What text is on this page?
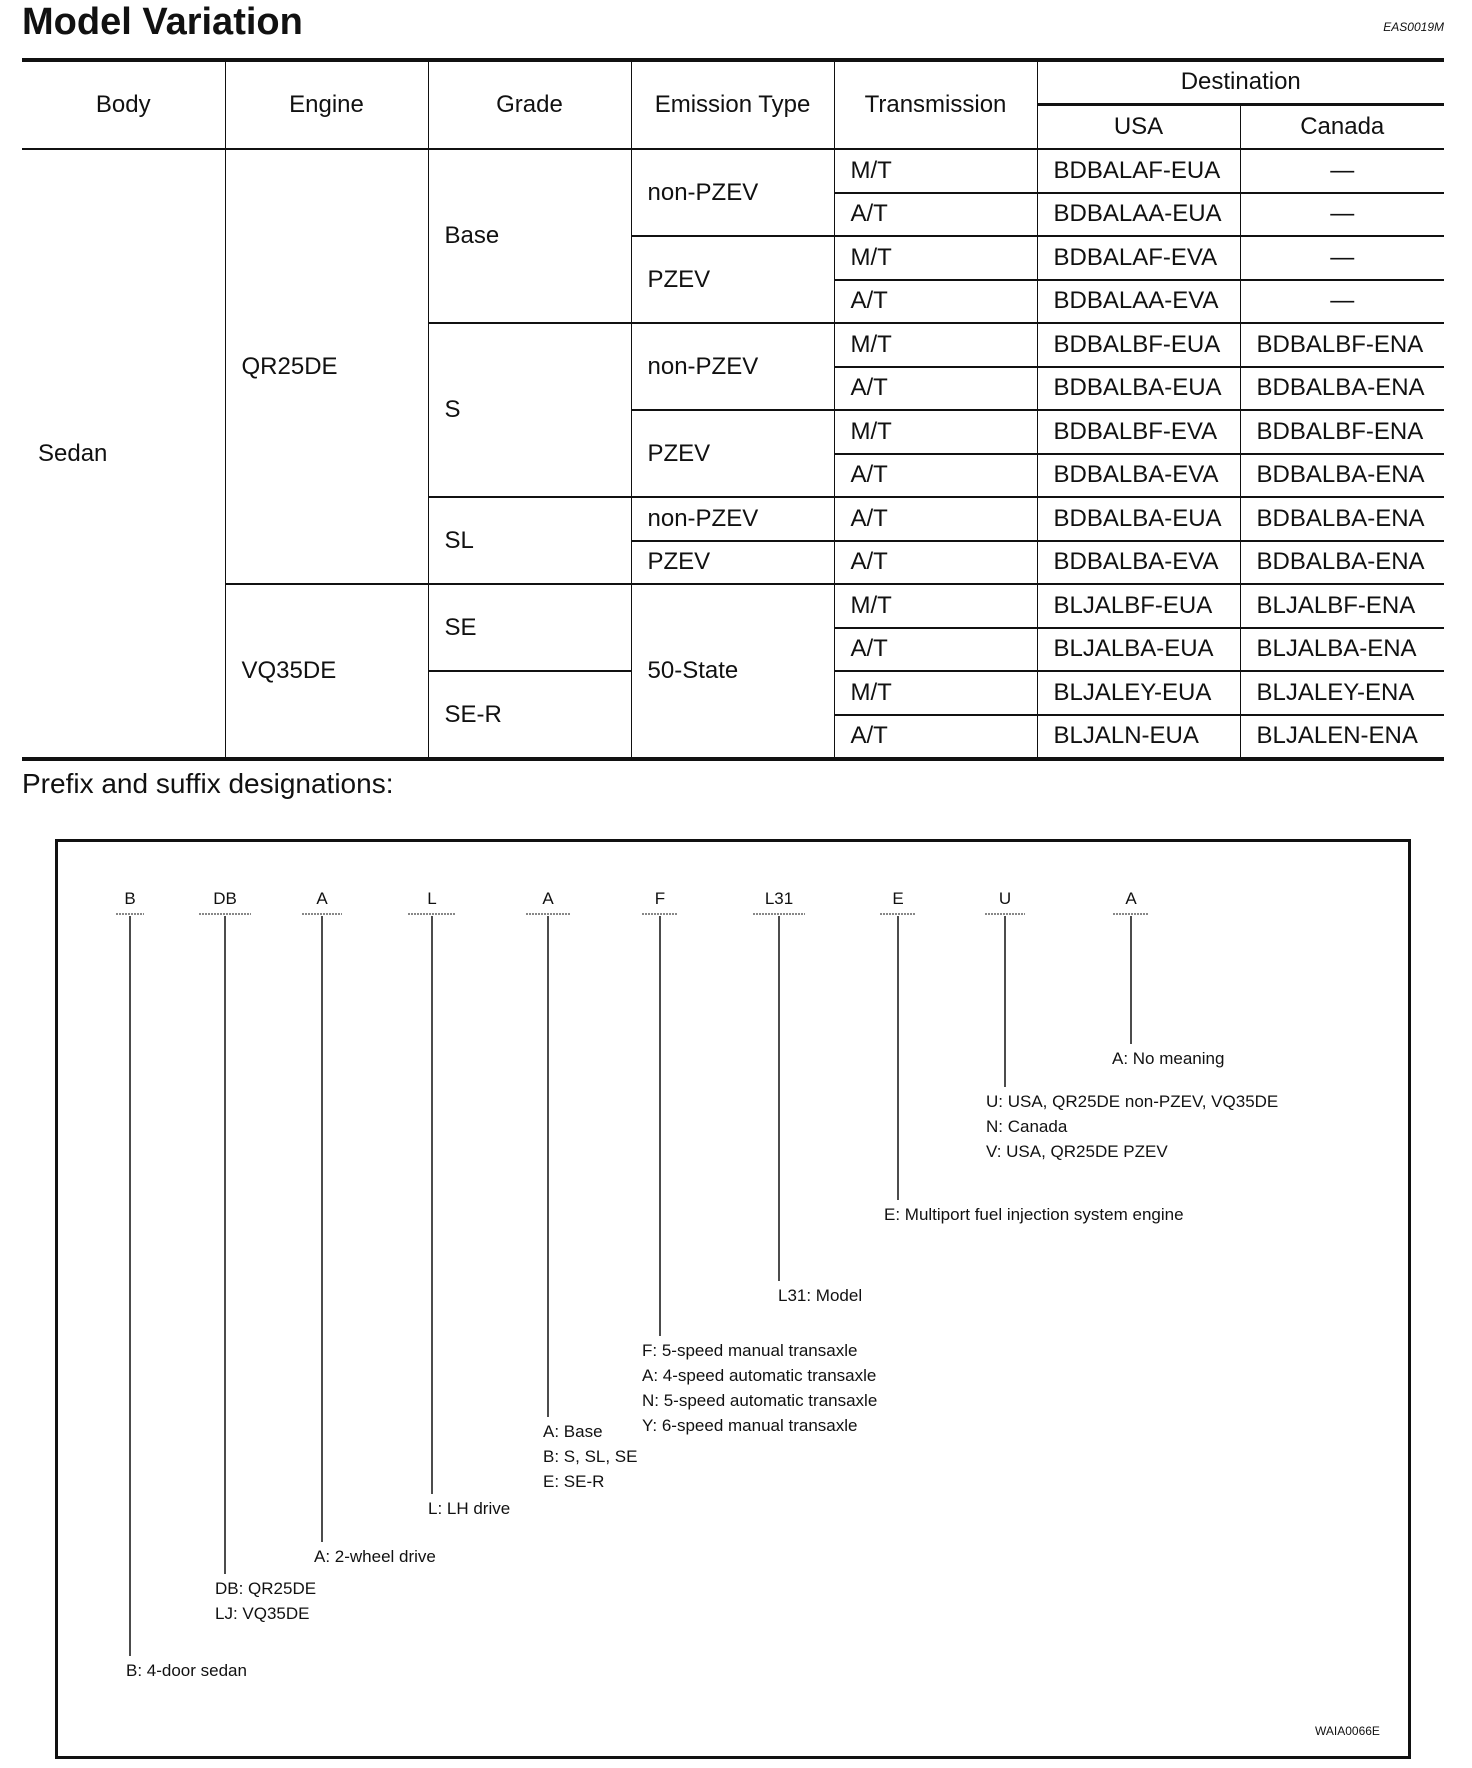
Model Variation	EAS0019M
Body	Engine	Grade	Emission Type	Transmission	Destination	
					USA	Canada
Sedan	QR25DE	Base	non-PZEV	M/T	BDBALAF-EUA	—
				A/T	BDBALAA-EUA	—
			PZEV	M/T	BDBALAF-EVA	—
				A/T	BDBALAA-EVA	—
		S	non-PZEV	M/T	BDBALBF-EUA	BDBALBF-ENA
				A/T	BDBALBA-EUA	BDBALBA-ENA
			PZEV	M/T	BDBALBF-EVA	BDBALBF-ENA
				A/T	BDBALBA-EVA	BDBALBA-ENA
		SL	non-PZEV	A/T	BDBALBA-EUA	BDBALBA-ENA
			PZEV	A/T	BDBALBA-EVA	BDBALBA-ENA
	VQ35DE	SE	50-State	M/T	BLJALBF-EUA	BLJALBF-ENA
				A/T	BLJALBA-EUA	BLJALBA-ENA
		SE-R		M/T	BLJALEY-EUA	BLJALEY-ENA
				A/T	BLJALN-EUA	BLJALEN-ENA
Prefix and suffix designations:
B
B: 4-door sedan
DB
DB: QR25DE
LJ: VQ35DE
A
A: 2-wheel drive
L
L: LH drive
A
A: Base
B: S, SL, SE
E: SE-R
F
F: 5-speed manual transaxle
A: 4-speed automatic transaxle
N: 5-speed automatic transaxle
Y: 6-speed manual transaxle
L31
L31: Model
E
E: Multiport fuel injection system engine
U
U: USA, QR25DE non-PZEV, VQ35DE
N: Canada
V: USA, QR25DE PZEV
A
A: No meaning
WAIA0066E
